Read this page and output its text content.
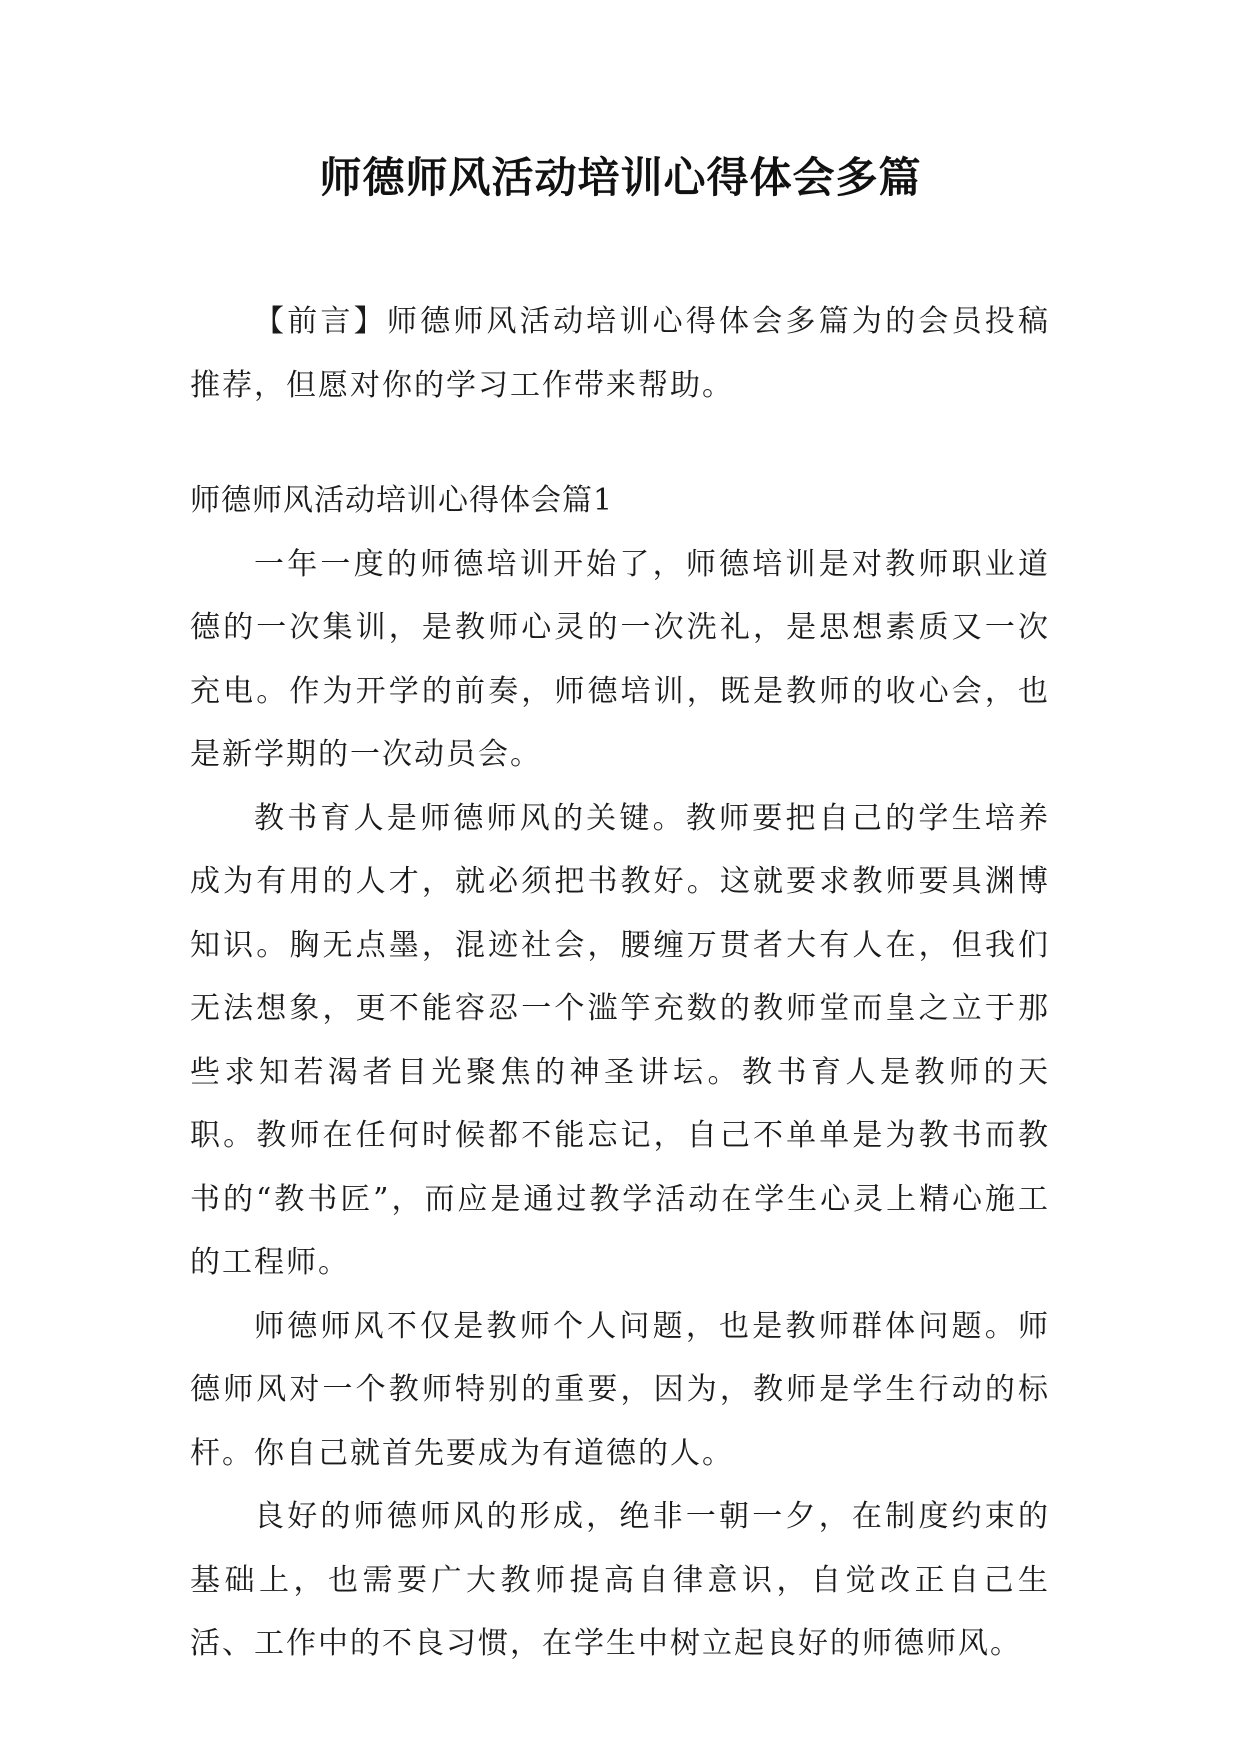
师德师风活动培训心得体会多篇

【前言】师德师风活动培训心得体会多篇为的会员投稿推荐，但愿对你的学习工作带来帮助。

师德师风活动培训心得体会篇1

一年一度的师德培训开始了，师德培训是对教师职业道德的一次集训，是教师心灵的一次洗礼，是思想素质又一次充电。作为开学的前奏，师德培训，既是教师的收心会，也是新学期的一次动员会。

教书育人是师德师风的关键。教师要把自己的学生培养成为有用的人才，就必须把书教好。这就要求教师要具渊博知识。胸无点墨，混迹社会，腰缠万贯者大有人在，但我们无法想象，更不能容忍一个滥竽充数的教师堂而皇之立于那些求知若渴者目光聚焦的神圣讲坛。教书育人是教师的天职。教师在任何时候都不能忘记，自己不单单是为教书而教书的“教书匠”，而应是通过教学活动在学生心灵上精心施工的工程师。

师德师风不仅是教师个人问题，也是教师群体问题。师德师风对一个教师特别的重要，因为，教师是学生行动的标杆。你自己就首先要成为有道德的人。

良好的师德师风的形成，绝非一朝一夕，在制度约束的基础上，也需要广大教师提高自律意识，自觉改正自己生活、工作中的不良习惯，在学生中树立起良好的师德师风。
